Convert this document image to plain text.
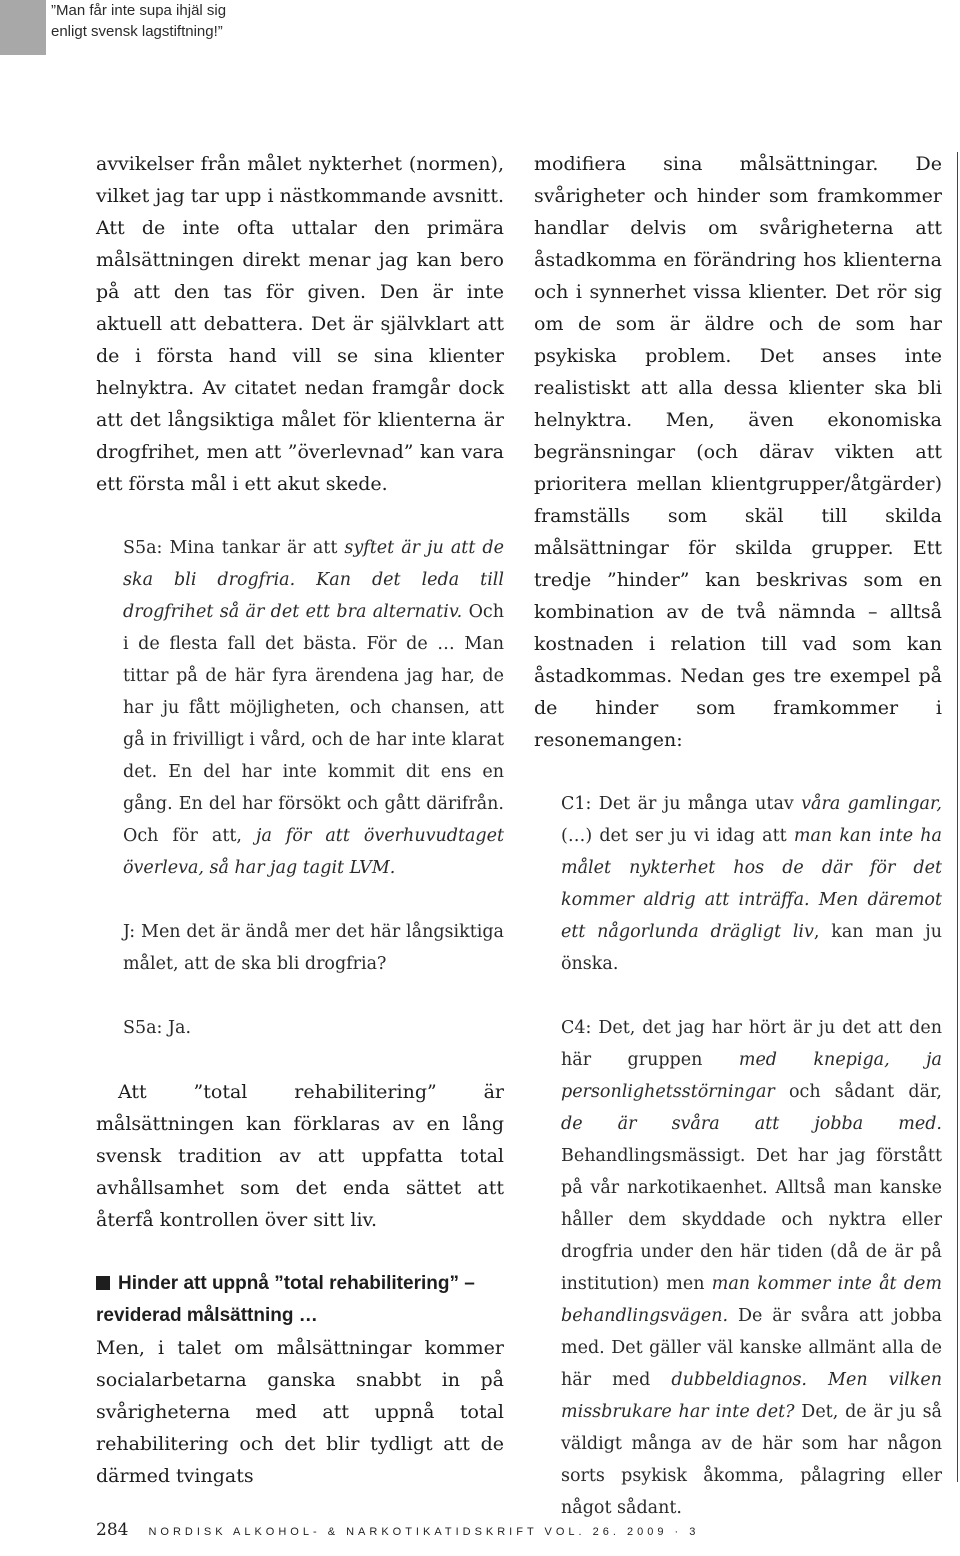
”Man får inte supa ihjäl sig
enligt svensk lagstiftning!”

avvikelser från målet nykterhet (normen), vilket jag tar upp i nästkommande avsnitt. Att de inte ofta uttalar den primära målsättningen direkt menar jag kan bero på att den tas för given. Den är inte aktuell att debattera. Det är självklart att de i första hand vill se sina klienter helnyktra. Av citatet nedan framgår dock att det långsiktiga målet för klienterna är drogfrihet, men att ”överlevnad” kan vara ett första mål i ett akut skede.

S5a: Mina tankar är att syftet är ju att de ska bli drogfria. Kan det leda till drogfrihet så är det ett bra alternativ. Och i de flesta fall det bästa. För de … Man tittar på de här fyra ärendena jag har, de har ju fått möjligheten, och chansen, att gå in frivilligt i vård, och de har inte klarat det. En del har inte kommit dit ens en gång. En del har försökt och gått därifrån. Och för att, ja för att överhuvudtaget överleva, så har jag tagit LVM.

J: Men det är ändå mer det här långsiktiga målet, att de ska bli drogfria?

S5a: Ja.

Att ”total rehabilitering” är målsättningen kan förklaras av en lång svensk tradition av att uppfatta total avhållsamhet som det enda sättet att återfå kontrollen över sitt liv.

Hinder att uppnå ”total rehabilitering” – reviderad målsättning …

Men, i talet om målsättningar kommer socialarbetarna ganska snabbt in på svårigheterna med att uppnå total rehabilitering och det blir tydligt att de därmed tvingats

modifiera sina målsättningar. De svårigheter och hinder som framkommer handlar delvis om svårigheterna att åstadkomma en förändring hos klienterna och i synnerhet vissa klienter. Det rör sig om de som är äldre och de som har psykiska problem. Det anses inte realistiskt att alla dessa klienter ska bli helnyktra. Men, även ekonomiska begränsningar (och därav vikten att prioritera mellan klientgrupper/åtgärder) framställs som skäl till skilda målsättningar för skilda grupper. Ett tredje ”hinder” kan beskrivas som en kombination av de två nämnda – alltså kostnaden i relation till vad som kan åstadkommas. Nedan ges tre exempel på de hinder som framkommer i resonemangen:

C1: Det är ju många utav våra gamlingar, (…) det ser ju vi idag att man kan inte ha målet nykterhet hos de där för det kommer aldrig att inträffa. Men däremot ett någorlunda drägligt liv, kan man ju önska.

C4: Det, det jag har hört är ju det att den här gruppen med knepiga, ja personlighetsstörningar och sådant där, de är svåra att jobba med. Behandlingsmässigt. Det har jag förstått på vår narkotikaenhet. Alltså man kanske håller dem skyddade och nyktra eller drogfria under den här tiden (då de är på institution) men man kommer inte åt dem behandlingsvägen. De är svåra att jobba med. Det gäller väl kanske allmänt alla de här med dubbeldiagnos. Men vilken missbrukare har inte det? Det, de är ju så väldigt många av de här som har någon sorts psykisk åkomma, pålagring eller något sådant.

284 NORDISK ALKOHOL- & NARKOTIKATIDSKRIFT VOL. 26. 2009 · 3
